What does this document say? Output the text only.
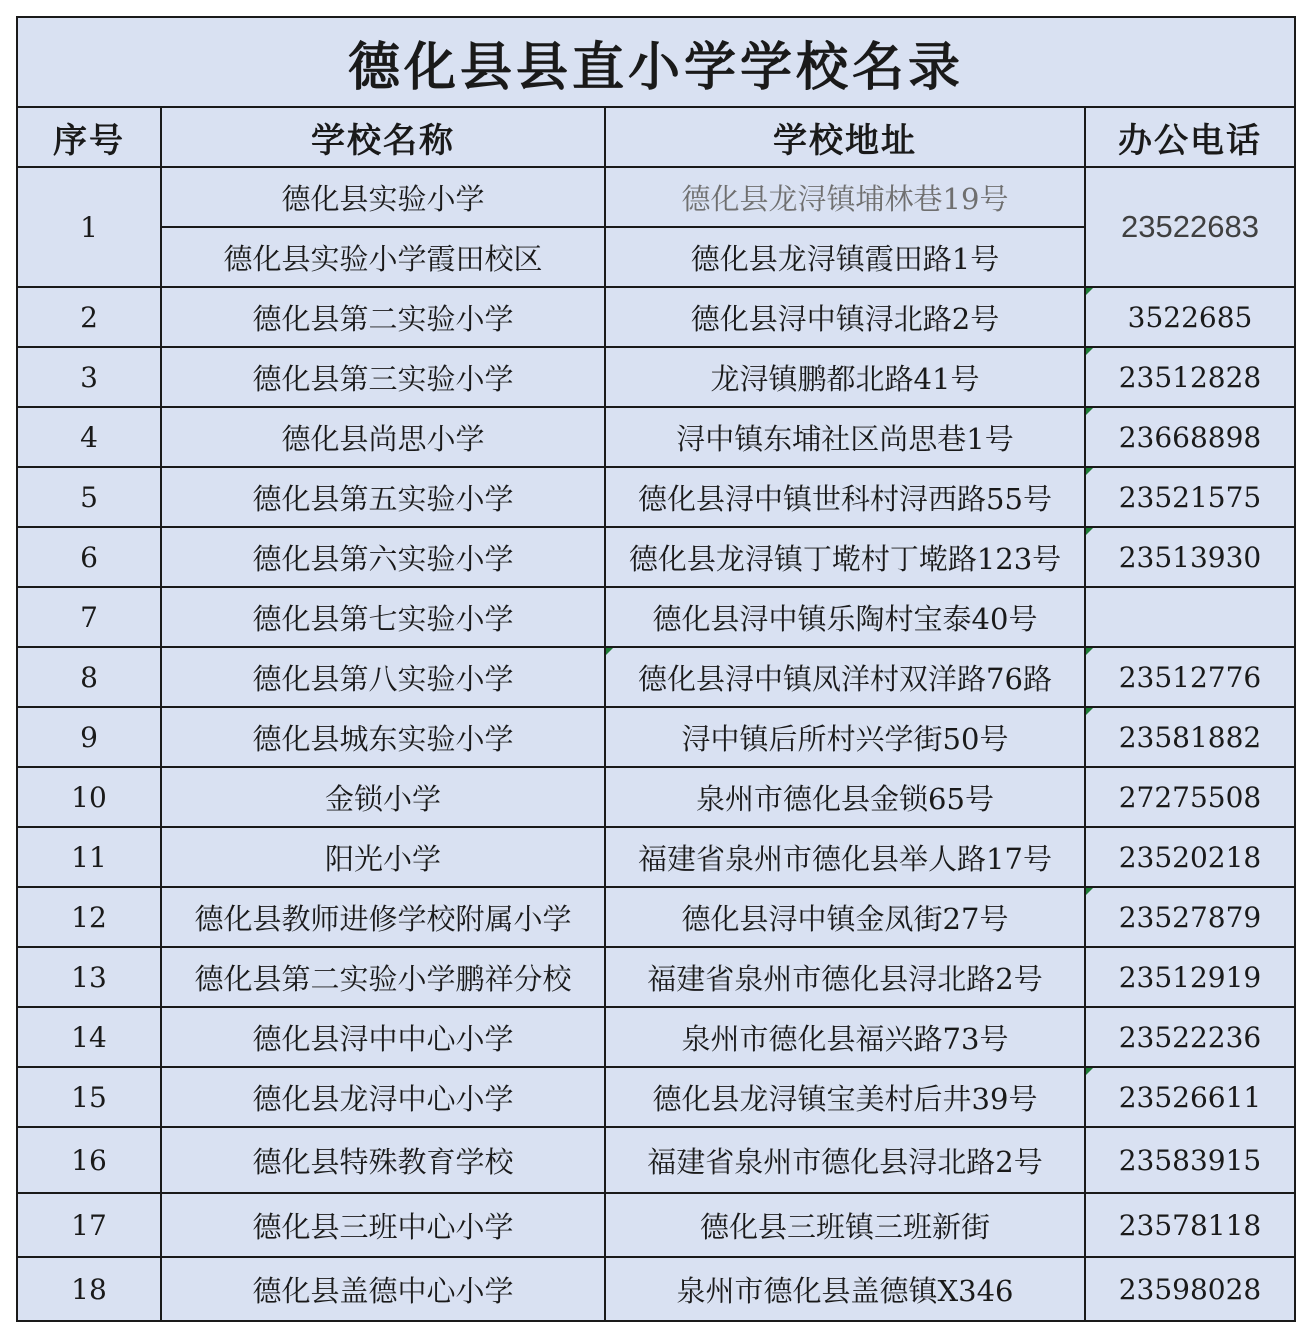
德化县县直小学学校名录			
序号	学校名称	学校地址	办公电话
1	德化县实验小学	德化县龙浔镇埔林巷19号	23522683
	德化县实验小学霞田校区	德化县龙浔镇霞田路1号	
2	德化县第二实验小学	德化县浔中镇浔北路2号	3522685
3	德化县第三实验小学	龙浔镇鹏都北路41号	23512828
4	德化县尚思小学	浔中镇东埔社区尚思巷1号	23668898
5	德化县第五实验小学	德化县浔中镇世科村浔西路55号	23521575
6	德化县第六实验小学	德化县龙浔镇丁墘村丁墘路123号	23513930
7	德化县第七实验小学	德化县浔中镇乐陶村宝泰40号	
8	德化县第八实验小学	德化县浔中镇凤洋村双洋路76路	23512776
9	德化县城东实验小学	浔中镇后所村兴学街50号	23581882
10	金锁小学	泉州市德化县金锁65号	27275508
11	阳光小学	福建省泉州市德化县举人路17号	23520218
12	德化县教师进修学校附属小学	德化县浔中镇金凤街27号	23527879
13	德化县第二实验小学鹏祥分校	福建省泉州市德化县浔北路2号	23512919
14	德化县浔中中心小学	泉州市德化县福兴路73号	23522236
15	德化县龙浔中心小学	德化县龙浔镇宝美村后井39号	23526611
16	德化县特殊教育学校	福建省泉州市德化县浔北路2号	23583915
17	德化县三班中心小学	德化县三班镇三班新街	23578118
18	德化县盖德中心小学	泉州市德化县盖德镇X346	23598028
